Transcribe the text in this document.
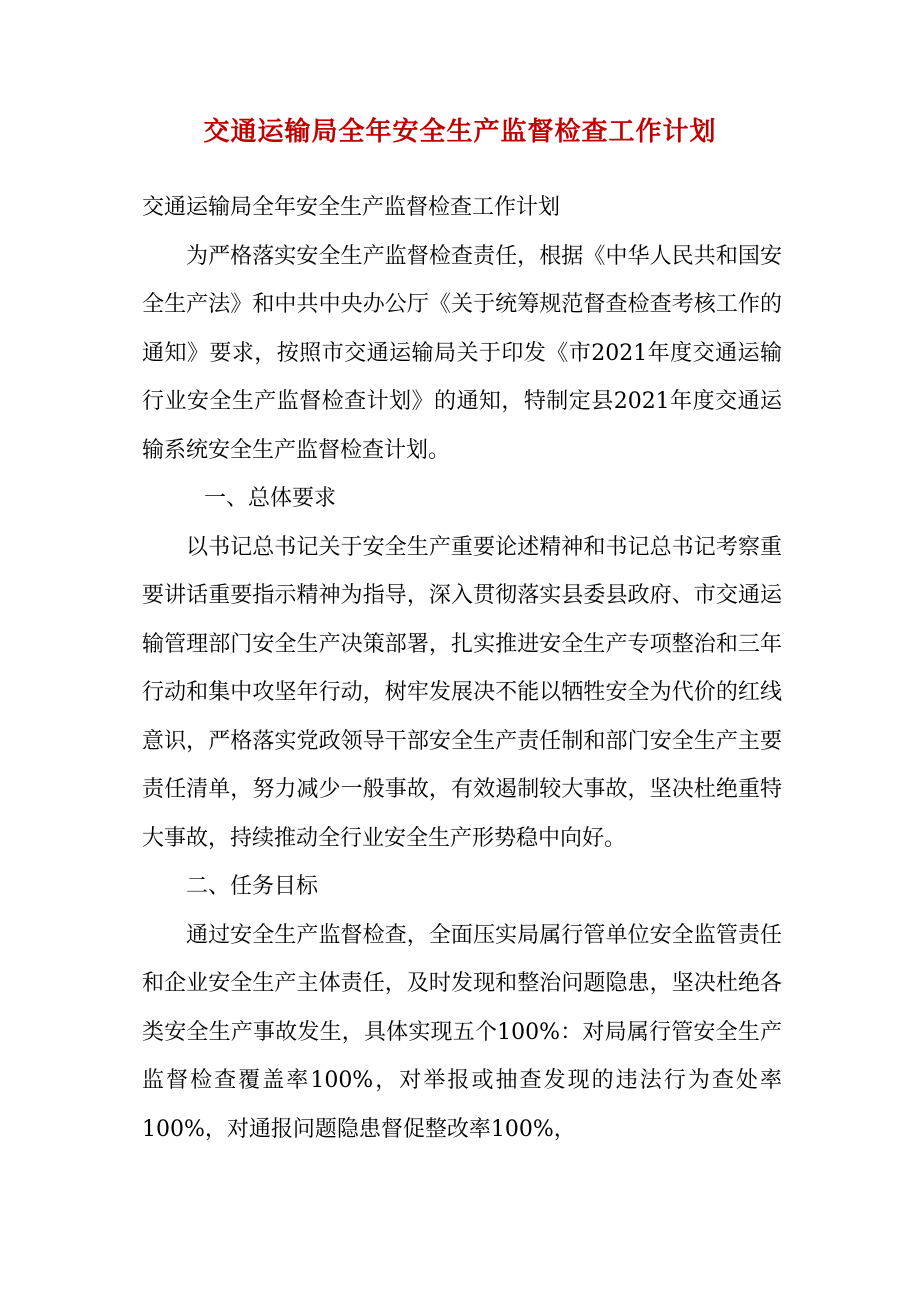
交通运输局全年安全生产监督检查工作计划

交通运输局全年安全生产监督检查工作计划

为严格落实安全生产监督检查责任，根据《中华人民共和国安全生产法》和中共中央办公厅《关于统筹规范督查检查考核工作的通知》要求，按照市交通运输局关于印发《市2021年度交通运输行业安全生产监督检查计划》的通知，特制定县2021年度交通运输系统安全生产监督检查计划。

一、总体要求

以书记总书记关于安全生产重要论述精神和书记总书记考察重要讲话重要指示精神为指导，深入贯彻落实县委县政府、市交通运输管理部门安全生产决策部署，扎实推进安全生产专项整治和三年行动和集中攻坚年行动，树牢发展决不能以牺牲安全为代价的红线意识，严格落实党政领导干部安全生产责任制和部门安全生产主要责任清单，努力减少一般事故，有效遏制较大事故，坚决杜绝重特大事故，持续推动全行业安全生产形势稳中向好。

二、任务目标

通过安全生产监督检查，全面压实局属行管单位安全监管责任和企业安全生产主体责任，及时发现和整治问题隐患，坚决杜绝各类安全生产事故发生，具体实现五个100%：对局属行管安全生产监督检查覆盖率100%，对举报或抽查发现的违法行为查处率100%，对通报问题隐患督促整改率100%，
